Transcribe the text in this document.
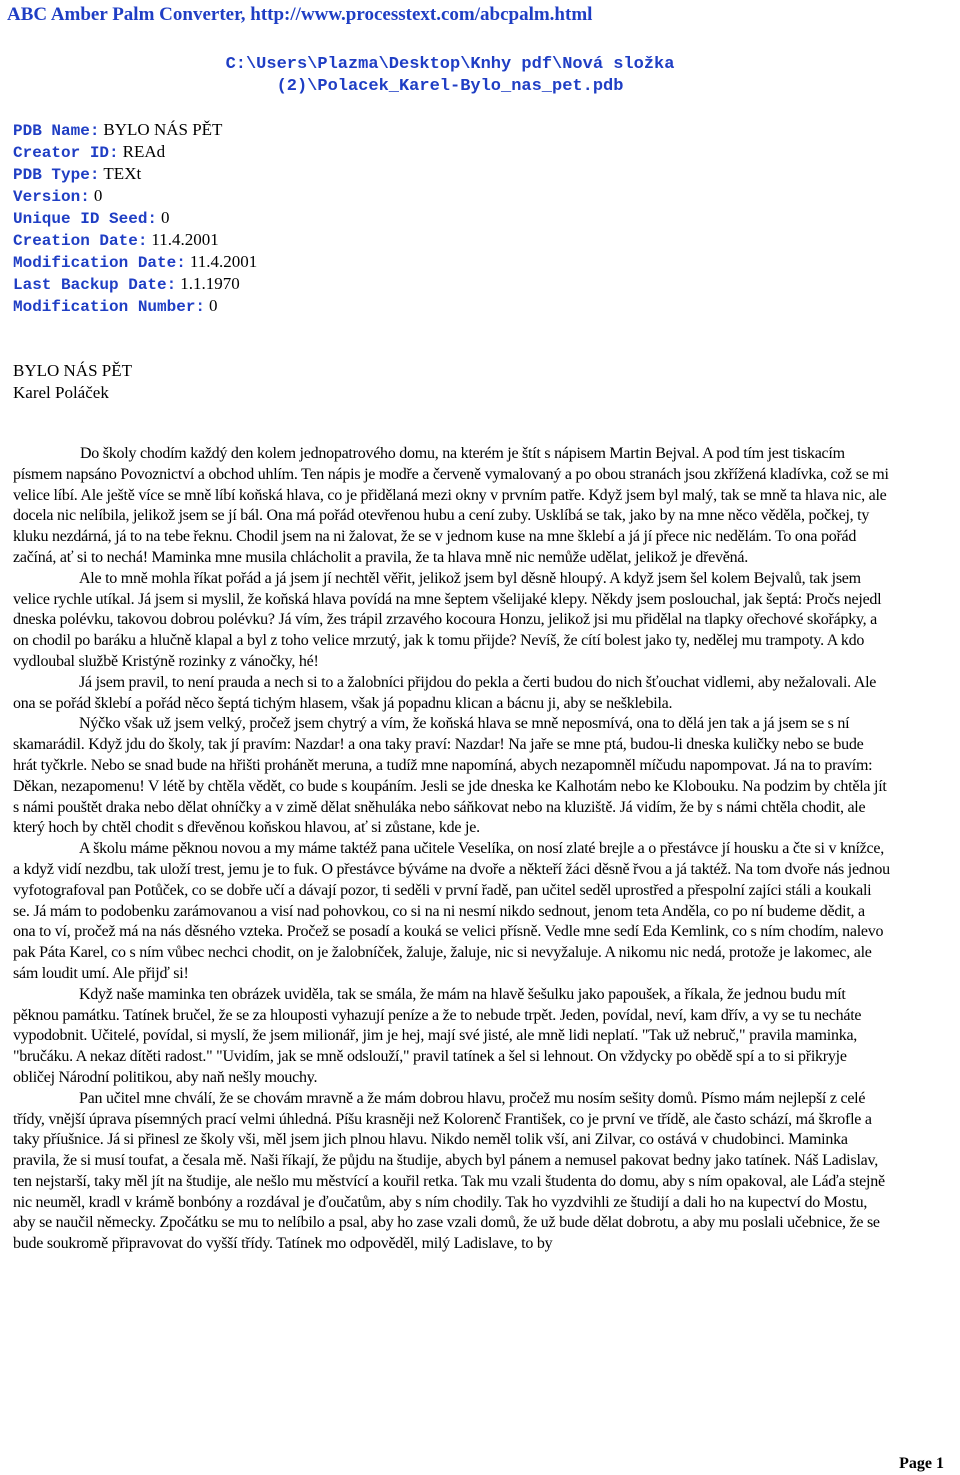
ABC Amber Palm Converter, http://www.processtext.com/abcpalm.html
C:\Users\Plazma\Desktop\Knhy pdf\Nová složka
(2)\Polacek_Karel-Bylo_nas_pet.pdb
PDB Name: BYLO NÁS PĚT
Creator ID: REAd
PDB Type: TEXt
Version: 0
Unique ID Seed: 0
Creation Date: 11.4.2001
Modification Date: 11.4.2001
Last Backup Date: 1.1.1970
Modification Number: 0
BYLO NÁS PĚT
Karel Poláček

Do školy chodím každý den kolem jednopatrového domu, na kterém je štít s nápisem Martin Bejval. A pod tím jest tiskacím písmem napsáno Povoznictví a obchod uhlím. Ten nápis je modře a červeně vymalovaný a po obou stranách jsou zkřížená kladívka, což se mi velice líbí. Ale ještě více se mně líbí koňská hlava, co je přidělaná mezi okny v prvním patře. Když jsem byl malý, tak se mně ta hlava nic, ale docela nic nelíbila, jelikož jsem se jí bál. Ona má pořád otevřenou hubu a cení zuby. Usklíbá se tak, jako by na mne něco věděla, počkej, ty kluku nezdárná, já to na tebe řeknu. Chodil jsem na ni žalovat, že se v jednom kuse na mne šklebí a já jí přece nic nedělám. To ona pořád začíná, ať si to nechá! Maminka mne musila chlácholit a pravila, že ta hlava mně nic nemůže udělat, jelikož je dřevěná.

Ale to mně mohla říkat pořád a já jsem jí nechtěl věřit, jelikož jsem byl děsně hloupý. A když jsem šel kolem Bejvalů, tak jsem velice rychle utíkal. Já jsem si myslil, že koňská hlava povídá na mne šeptem všelijaké klepy. Někdy jsem poslouchal, jak šeptá: Pročs nejedl dneska polévku, takovou dobrou polévku? Já vím, žes trápil zrzavého kocoura Honzu, jelikož jsi mu přidělal na tlapky ořechové skořápky, a on chodil po baráku a hlučně klapal a byl z toho velice mrzutý, jak k tomu přijde? Nevíš, že cítí bolest jako ty, nedělej mu trampoty. A kdo vydloubal službě Kristýně rozinky z vánočky, hé!

Já jsem pravil, to není prauda a nech si to a žalobníci přijdou do pekla a čerti budou do nich šťouchat vidlemi, aby nežalovali. Ale ona se pořád šklebí a pořád něco šeptá tichým hlasem, však já popadnu klican a bácnu ji, aby se nešklebila.

Nýčko však už jsem velký, pročež jsem chytrý a vím, že koňská hlava se mně neposmívá, ona to dělá jen tak a já jsem se s ní skamarádil. Když jdu do školy, tak jí pravím: Nazdar! a ona taky praví: Nazdar! Na jaře se mne ptá, budou-li dneska kuličky nebo se bude hrát tyčkrle. Nebo se snad bude na hřišti prohánět meruna, a tudíž mne napomíná, abych nezapomněl míčudu napompovat. Já na to pravím: Děkan, nezapomenu! V létě by chtěla vědět, co bude s koupáním. Jesli se jde dneska ke Kalhotám nebo ke Klobouku. Na podzim by chtěla jít s námi pouštět draka nebo dělat ohníčky a v zimě dělat sněhuláka nebo sáňkovat nebo na kluziště. Já vidím, že by s námi chtěla chodit, ale který hoch by chtěl chodit s dřevěnou koňskou hlavou, ať si zůstane, kde je.

A školu máme pěknou novou a my máme taktéž pana učitele Veselíka, on nosí zlaté brejle a o přestávce jí housku a čte si v knížce, a když vidí nezdbu, tak uloží trest, jemu je to fuk. O přestávce býváme na dvoře a někteří žáci děsně řvou a já taktéž. Na tom dvoře nás jednou vyfotografoval pan Potůček, co se dobře učí a dávají pozor, ti sedělі v první řadě, pan učitel seděl uprostřed a přespolní zajíci stáli a koukali se. Já mám to podobenku zarámovanou a visí nad pohovkou, co si na ni nesmí nikdo sednout, jenom teta Anděla, co po ní budeme dědit, a ona to ví, pročež má na nás děsného vzteka. Pročež se posadí a kouká se velici přísně. Vedle mne sedí Eda Kemlink, co s ním chodím, nalevo pak Páta Karel, co s ním vůbec nechci chodit, on je žalobníček, žaluje, žaluje, nic si nevyžaluje. A nikomu nic nedá, protože je lakomec, ale sám loudit umí. Ale přijď si!

Když naše maminka ten obrázek uviděla, tak se smála, že mám na hlavě šešulku jako papoušek, a říkala, že jednou budu mít pěknou památku. Tatínek bručel, že se za hlouposti vyhazují peníze a že to nebude trpět. Jeden, povídal, neví, kam dřív, a vy se tu necháte vypodobnit. Učitelé, povídal, si myslí, že jsem milionář, jim je hej, mají své jisté, ale mně lidi neplatí. "Tak už nebruč," pravila maminka, "bručáku. A nekaz dítěti radost." "Uvidím, jak se mně odslouží," pravil tatínek a šel si lehnout. On vždycky po obědě spí a to si přikryje obličej Národní politikou, aby naň nešly mouchy.

Pan učitel mne chválí, že se chovám mravně a že mám dobrou hlavu, pročež mu nosím sešity domů. Písmo mám nejlepší z celé třídy, vnější úprava písemných prací velmi úhledná. Píšu krasněji než Kolorenč František, co je první ve třídě, ale často schází, má škrofle a taky příušnice. Já si přinesl ze školy vši, měl jsem jich plnou hlavu. Nikdo neměl tolik vší, ani Zilvar, co ostává v chudobinci. Maminka pravila, že si musí toufat, a česala mě. Naši říkají, že půjdu na študije, abych byl pánem a nemusel pakovat bedny jako tatínek. Náš Ladislav, ten nejstarší, taky měl jít na študije, ale nešlo mu městvící a kouřil retka. Tak mu vzali študenta do domu, aby s ním opakoval, ale Láďa stejně nic neuměl, kradl v krámě bonbóny a rozdával je ďoučatům, aby s ním chodily. Tak ho vyzdvihli ze študijí a dali ho na kupectví do Mostu, aby se naučil německy. Zpočátku se mu to nelíbilo a psal, aby ho zase vzali domů, že už bude dělat dobrotu, a aby mu poslali učebnice, že se bude soukromě připravovat do vyšší třídy. Tatínek mo odpověděl, milý Ladislave, to by

Page 1
